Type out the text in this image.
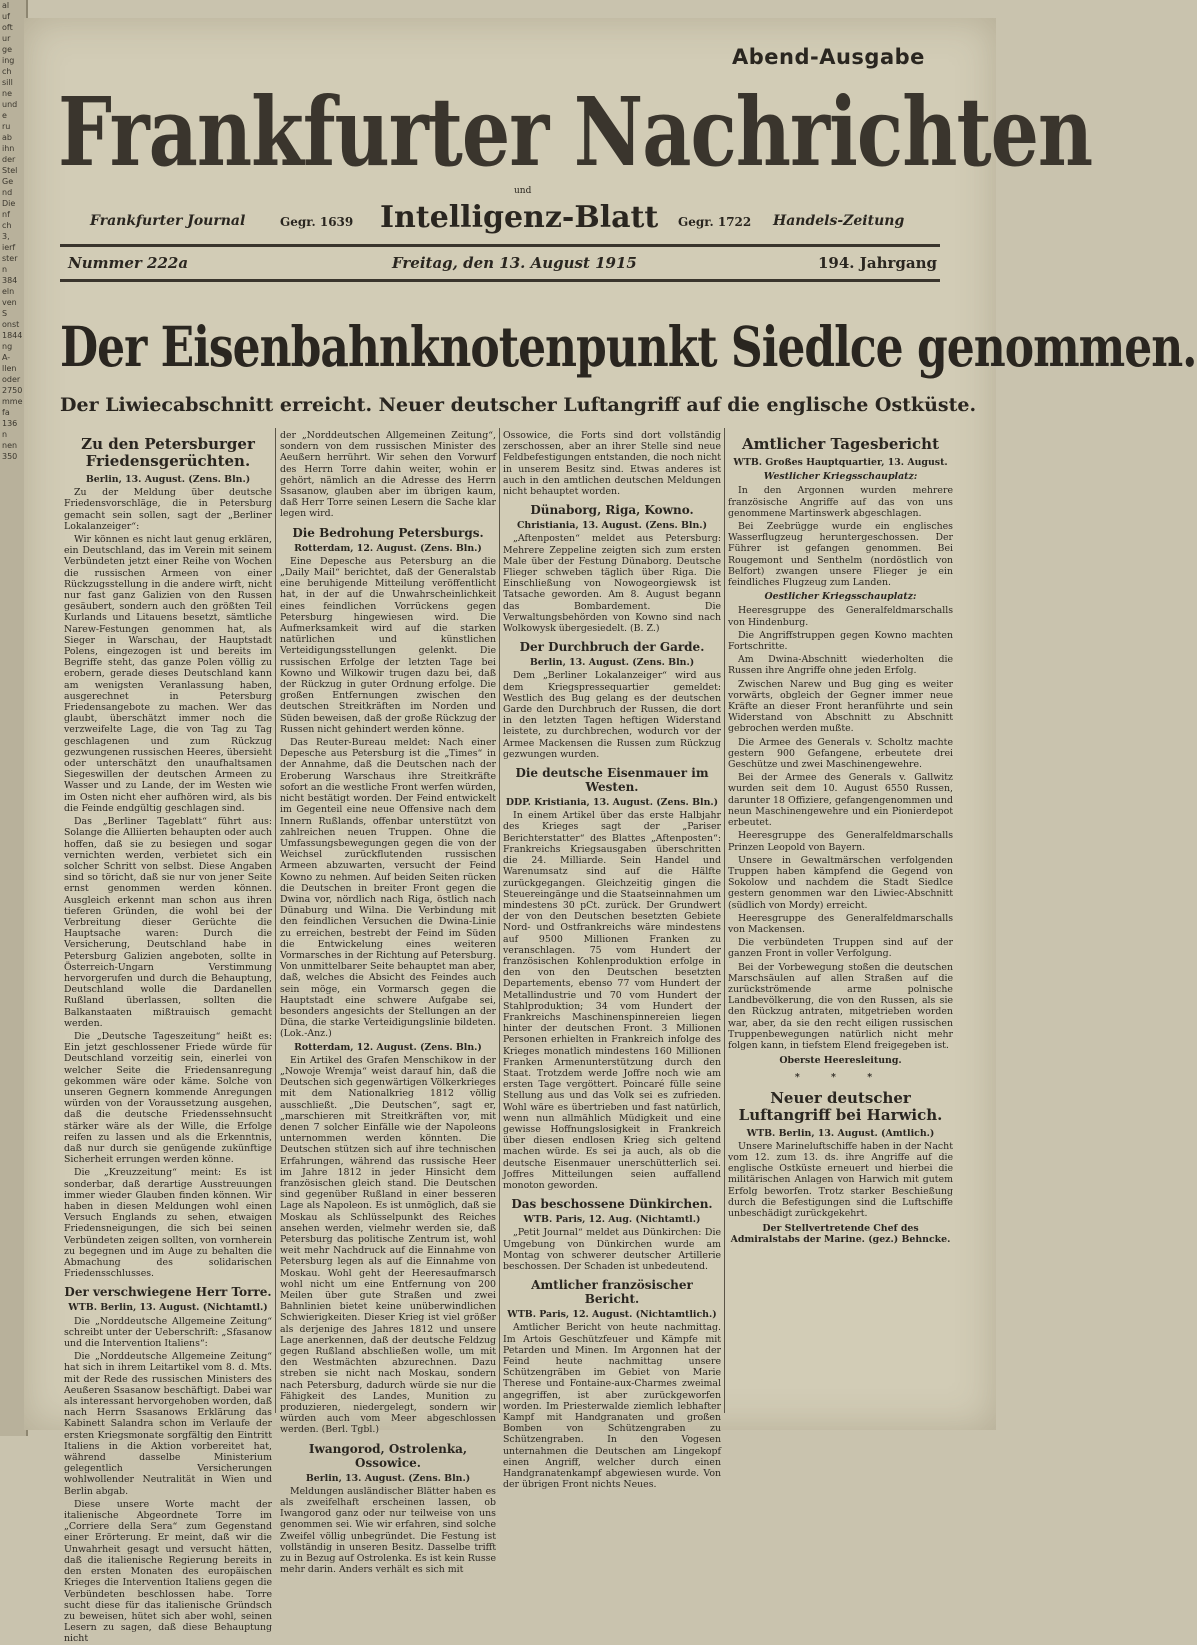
al
uf
oft
ur
ge
ing
ch
sill
ne
und
e
ru
ab
ihn
der
Stel
Ge
nd
Die
nf
ch
3,
ierf
ster
n
384
eln
ven
S
onst
1844
ng
A-
llen
oder
2750
mme
fa
136
n
nen
350
Abend-Ausgabe
Frankfurter Nachrichten
und
Frankfurter Journal	Gegr. 1639 Intelligenz-Blatt Gegr. 1722 Handels-Zeitung
Nummer 222a	Freitag, den 13. August 1915	194. Jahrgang
Der Eisenbahnknotenpunkt Siedlce genommen.
Der Liwiecabschnitt erreicht. Neuer deutscher Luftangriff auf die englische Ostküste.
Zu den Petersburger Friedensgerüchten.
Berlin, 13. August. (Zens. Bln.)

Zu der Meldung über deutsche Friedensvorschläge, die in Petersburg gemacht sein sollen, sagt der „Berliner Lokalanzeiger“:

Wir können es nicht laut genug erklären, ein Deutschland, das im Verein mit seinem Verbündeten jetzt einer Reihe von Wochen die russischen Armeen von einer Rückzugsstellung in die andere wirft, nicht nur fast ganz Galizien von den Russen gesäubert, sondern auch den größten Teil Kurlands und Litauens besetzt, sämtliche Narew-Festungen genommen hat, als Sieger in Warschau, der Hauptstadt Polens, eingezogen ist und bereits im Begriffe steht, das ganze Polen völlig zu erobern, gerade dieses Deutschland kann am wenigsten Veranlassung haben, ausgerechnet in Petersburg Friedensangebote zu machen. Wer das glaubt, überschätzt immer noch die verzweifelte Lage, die von Tag zu Tag geschlagenen und zum Rückzug gezwungenen russischen Heeres, übersieht oder unterschätzt den unaufhaltsamen Siegeswillen der deutschen Armeen zu Wasser und zu Lande, der im Westen wie im Osten nicht eher aufhören wird, als bis die Feinde endgültig geschlagen sind.

Das „Berliner Tageblatt“ führt aus: Solange die Alliierten behaupten oder auch hoffen, daß sie zu besiegen und sogar vernichten werden, verbietet sich ein solcher Schritt von selbst. Diese Angaben sind so töricht, daß sie nur von jener Seite ernst genommen werden können. Ausgleich erkennt man schon aus ihren tieferen Gründen, die wohl bei der Verbreitung dieser Gerüchte die Hauptsache waren: Durch die Versicherung, Deutschland habe in Petersburg Galizien angeboten, sollte in Österreich-Ungarn Verstimmung hervorgerufen und durch die Behauptung, Deutschland wolle die Dardanellen Rußland überlassen, sollten die Balkanstaaten mißtrauisch gemacht werden.

Die „Deutsche Tageszeitung“ heißt es: Ein jetzt geschlossener Friede würde für Deutschland vorzeitig sein, einerlei von welcher Seite die Friedensanregung gekommen wäre oder käme. Solche von unseren Gegnern kommende Anregungen würden von der Voraussetzung ausgehen, daß die deutsche Friedenssehnsucht stärker wäre als der Wille, die Erfolge reifen zu lassen und als die Erkenntnis, daß nur durch sie genügende zukünftige Sicherheit errungen werden könne.

Die „Kreuzzeitung“ meint: Es ist sonderbar, daß derartige Ausstreuungen immer wieder Glauben finden können. Wir haben in diesen Meldungen wohl einen Versuch Englands zu sehen, etwaigen Friedensneigungen, die sich bei seinen Verbündeten zeigen sollten, von vornherein zu begegnen und im Auge zu behalten die Abmachung des solidarischen Friedensschlusses.

Der verschwiegene Herr Torre.
WTB. Berlin, 13. August. (Nichtamtl.)

Die „Norddeutsche Allgemeine Zeitung“ schreibt unter der Ueberschrift: „Sfasanow und die Intervention Italiens“:

Die „Norddeutsche Allgemeine Zeitung“ hat sich in ihrem Leitartikel vom 8. d. Mts. mit der Rede des russischen Ministers des Aeußeren Ssasanow beschäftigt. Dabei war als interessant hervorgehoben worden, daß nach Herrn Ssasanows Erklärung das Kabinett Salandra schon im Verlaufe der ersten Kriegsmonate sorgfältig den Eintritt Italiens in die Aktion vorbereitet hat, während dasselbe Ministerium gelegentlich Versicherungen wohlwollender Neutralität in Wien und Berlin abgab.

Diese unsere Worte macht der italienische Abgeordnete Torre im „Corriere della Sera“ zum Gegenstand einer Erörterung. Er meint, daß wir die Unwahrheit gesagt und versucht hätten, daß die italienische Regierung bereits in den ersten Monaten des europäischen Krieges die Intervention Italiens gegen die Verbündeten beschlossen habe. Torre sucht diese für das italienische Gründsch zu beweisen, hütet sich aber wohl, seinen Lesern zu sagen, daß diese Behauptung nicht

der „Norddeutschen Allgemeinen Zeitung“, sondern von dem russischen Minister des Aeußern herrührt. Wir sehen den Vorwurf des Herrn Torre dahin weiter, wohin er gehört, nämlich an die Adresse des Herrn Ssasanow, glauben aber im übrigen kaum, daß Herr Torre seinen Lesern die Sache klar legen wird.

Die Bedrohung Petersburgs.
Rotterdam, 12. August. (Zens. Bln.)

Eine Depesche aus Petersburg an die „Daily Mail“ berichtet, daß der Generalstab eine beruhigende Mitteilung veröffentlicht hat, in der auf die Unwahrscheinlichkeit eines feindlichen Vorrückens gegen Petersburg hingewiesen wird. Die Aufmerksamkeit wird auf die starken natürlichen und künstlichen Verteidigungsstellungen gelenkt. Die russischen Erfolge der letzten Tage bei Kowno und Wilkowir trugen dazu bei, daß der Rückzug in guter Ordnung erfolge. Die großen Entfernungen zwischen den deutschen Streitkräften im Norden und Süden beweisen, daß der große Rückzug der Russen nicht gehindert werden könne.

Das Reuter-Bureau meldet: Nach einer Depesche aus Petersburg ist die „Times“ in der Annahme, daß die Deutschen nach der Eroberung Warschaus ihre Streitkräfte sofort an die westliche Front werfen würden, nicht bestätigt worden. Der Feind entwickelt im Gegenteil eine neue Offensive nach dem Innern Rußlands, offenbar unterstützt von zahlreichen neuen Truppen. Ohne die Umfassungsbewegungen gegen die von der Weichsel zurückflutenden russischen Armeen abzuwarten, versucht der Feind Kowno zu nehmen. Auf beiden Seiten rücken die Deutschen in breiter Front gegen die Dwina vor, nördlich nach Riga, östlich nach Dünaburg und Wilna. Die Verbindung mit den feindlichen Versuchen die Dwina-Linie zu erreichen, bestrebt der Feind im Süden die Entwickelung eines weiteren Vormarsches in der Richtung auf Petersburg. Von unmittelbarer Seite behauptet man aber, daß, welches die Absicht des Feindes auch sein möge, ein Vormarsch gegen die Hauptstadt eine schwere Aufgabe sei, besonders angesichts der Stellungen an der Düna, die starke Verteidigungslinie bildeten. (Lok.-Anz.)

Rotterdam, 12. August. (Zens. Bln.)

Ein Artikel des Grafen Menschikow in der „Nowoje Wremja“ weist darauf hin, daß die Deutschen sich gegenwärtigen Völkerkrieges mit dem Nationalkrieg 1812 völlig ausschließt. „Die Deutschen“, sagt er, „marschieren mit Streitkräften vor, mit denen 7 solcher Einfälle wie der Napoleons unternommen werden könnten. Die Deutschen stützen sich auf ihre technischen Erfahrungen, während das russische Heer im Jahre 1812 in jeder Hinsicht dem französischen gleich stand. Die Deutschen sind gegenüber Rußland in einer besseren Lage als Napoleon. Es ist unmöglich, daß sie Moskau als Schlüsselpunkt des Reiches ansehen werden, vielmehr werden sie, daß Petersburg das politische Zentrum ist, wohl weit mehr Nachdruck auf die Einnahme von Petersburg legen als auf die Einnahme von Moskau. Wohl geht der Heeresaufmarsch wohl nicht um eine Entfernung von 200 Meilen über gute Straßen und zwei Bahnlinien bietet keine unüberwindlichen Schwierigkeiten. Dieser Krieg ist viel größer als derjenige des Jahres 1812 und unsere Lage anerkennen, daß der deutsche Feldzug gegen Rußland abschließen wolle, um mit den Westmächten abzurechnen. Dazu streben sie nicht nach Moskau, sondern nach Petersburg, dadurch würde sie nur die Fähigkeit des Landes, Munition zu produzieren, niedergelegt, sondern wir würden auch vom Meer abgeschlossen werden. (Berl. Tgbl.)

Iwangorod, Ostrolenka, Ossowice.
Berlin, 13. August. (Zens. Bln.)

Meldungen ausländischer Blätter haben es als zweifelhaft erscheinen lassen, ob Iwangorod ganz oder nur teilweise von uns genommen sei. Wie wir erfahren, sind solche Zweifel völlig unbegründet. Die Festung ist vollständig in unseren Besitz. Dasselbe trifft zu in Bezug auf Ostrolenka. Es ist kein Russe mehr darin. Anders verhält es sich mit

Ossowice, die Forts sind dort vollständig zerschossen, aber an ihrer Stelle sind neue Feldbefestigungen entstanden, die noch nicht in unserem Besitz sind. Etwas anderes ist auch in den amtlichen deutschen Meldungen nicht behauptet worden.

Dünaborg, Riga, Kowno.
Christiania, 13. August. (Zens. Bln.)

„Aftenposten“ meldet aus Petersburg: Mehrere Zeppeline zeigten sich zum ersten Male über der Festung Dünaborg. Deutsche Flieger schweben täglich über Riga. Die Einschließung von Nowogeorgiewsk ist Tatsache geworden. Am 8. August begann das Bombardement. Die Verwaltungsbehörden von Kowno sind nach Wolkowysk übergesiedelt. (B. Z.)

Der Durchbruch der Garde.
Berlin, 13. August. (Zens. Bln.)

Dem „Berliner Lokalanzeiger“ wird aus dem Kriegspressequartier gemeldet: Westlich des Bug gelang es der deutschen Garde den Durchbruch der Russen, die dort in den letzten Tagen heftigen Widerstand leistete, zu durchbrechen, wodurch vor der Armee Mackensen die Russen zum Rückzug gezwungen wurden.

Die deutsche Eisenmauer im Westen.
DDP. Kristiania, 13. August. (Zens. Bln.)

In einem Artikel über das erste Halbjahr des Krieges sagt der „Pariser Berichterstatter“ des Blattes „Aftenposten“: Frankreichs Kriegsausgaben überschritten die 24. Milliarde. Sein Handel und Warenumsatz sind auf die Hälfte zurückgegangen. Gleichzeitig gingen die Steuereingänge und die Staatseinnahmen um mindestens 30 pCt. zurück. Der Grundwert der von den Deutschen besetzten Gebiete Nord- und Ostfrankreichs wäre mindestens auf 9500 Millionen Franken zu veranschlagen. 75 vom Hundert der französischen Kohlenproduktion erfolge in den von den Deutschen besetzten Departements, ebenso 77 vom Hundert der Metallindustrie und 70 vom Hundert der Stahlproduktion; 34 vom Hundert der Frankreichs Maschinenspinnereien liegen hinter der deutschen Front. 3 Millionen Personen erhielten in Frankreich infolge des Krieges monatlich mindestens 160 Millionen Franken Armenunterstützung durch den Staat. Trotzdem werde Joffre noch wie am ersten Tage vergöttert. Poincaré fülle seine Stellung aus und das Volk sei es zufrieden. Wohl wäre es übertrieben und fast natürlich, wenn nun allmählich Müdigkeit und eine gewisse Hoffnungslosigkeit in Frankreich über diesen endlosen Krieg sich geltend machen würde. Es sei ja auch, als ob die deutsche Eisenmauer unerschütterlich sei. Joffres Mitteilungen seien auffallend monoton geworden.

Das beschossene Dünkirchen.
WTB. Paris, 12. Aug. (Nichtamtl.)

„Petit Journal“ meldet aus Dünkirchen: Die Umgebung von Dünkirchen wurde am Montag von schwerer deutscher Artillerie beschossen. Der Schaden ist unbedeutend.

Amtlicher französischer Bericht.
WTB. Paris, 12. August. (Nichtamtlich.)

Amtlicher Bericht von heute nachmittag. Im Artois Geschützfeuer und Kämpfe mit Petarden und Minen. Im Argonnen hat der Feind heute nachmittag unsere Schützengräben im Gebiet von Marie Therese und Fontaine-aux-Charmes zweimal angegriffen, ist aber zurückgeworfen worden. Im Priesterwalde ziemlich lebhafter Kampf mit Handgranaten und großen Bomben von Schützengraben zu Schützengraben. In den Vogesen unternahmen die Deutschen am Lingekopf einen Angriff, welcher durch einen Handgranatenkampf abgewiesen wurde. Von der übrigen Front nichts Neues.

Amtlicher Tagesbericht
WTB. Großes Hauptquartier, 13. August.
Westlicher Kriegsschauplatz:

In den Argonnen wurden mehrere französische Angriffe auf das von uns genommene Martinswerk abgeschlagen.

Bei Zeebrügge wurde ein englisches Wasserflugzeug heruntergeschossen. Der Führer ist gefangen genommen. Bei Rougemont und Senthelm (nordöstlich von Belfort) zwangen unsere Flieger je ein feindliches Flugzeug zum Landen.

Oestlicher Kriegsschauplatz:

Heeresgruppe des Generalfeldmarschalls von Hindenburg.

Die Angriffstruppen gegen Kowno machten Fortschritte.

Am Dwina-Abschnitt wiederholten die Russen ihre Angriffe ohne jeden Erfolg.

Zwischen Narew und Bug ging es weiter vorwärts, obgleich der Gegner immer neue Kräfte an dieser Front heranführte und sein Widerstand von Abschnitt zu Abschnitt gebrochen werden mußte.

Die Armee des Generals v. Scholtz machte gestern 900 Gefangene, erbeutete drei Geschütze und zwei Maschinengewehre.

Bei der Armee des Generals v. Gallwitz wurden seit dem 10. August 6550 Russen, darunter 18 Offiziere, gefangengenommen und neun Maschinengewehre und ein Pionierdepot erbeutet.

Heeresgruppe des Generalfeldmarschalls Prinzen Leopold von Bayern.

Unsere in Gewaltmärschen verfolgenden Truppen haben kämpfend die Gegend von Sokolow und nachdem die Stadt Siedlce gestern genommen war den Liwiec-Abschnitt (südlich von Mordy) erreicht.

Heeresgruppe des Generalfeldmarschalls von Mackensen.

Die verbündeten Truppen sind auf der ganzen Front in voller Verfolgung.

Bei der Vorbewegung stoßen die deutschen Marschsäulen auf allen Straßen auf die zurückströmende arme polnische Landbevölkerung, die von den Russen, als sie den Rückzug antraten, mitgetrieben worden war, aber, da sie den recht eiligen russischen Truppenbewegungen natürlich nicht mehr folgen kann, in tiefstem Elend freigegeben ist.

Oberste Heeresleitung.
* * *
Neuer deutscher Luftangriff bei Harwich.
WTB. Berlin, 13. August. (Amtlich.)

Unsere Marineluftschiffe haben in der Nacht vom 12. zum 13. ds. ihre Angriffe auf die englische Ostküste erneuert und hierbei die militärischen Anlagen von Harwich mit gutem Erfolg beworfen. Trotz starker Beschießung durch die Befestigungen sind die Luftschiffe unbeschädigt zurückgekehrt.

Der Stellvertretende Chef des Admiralstabs der Marine. (gez.) Behncke.
